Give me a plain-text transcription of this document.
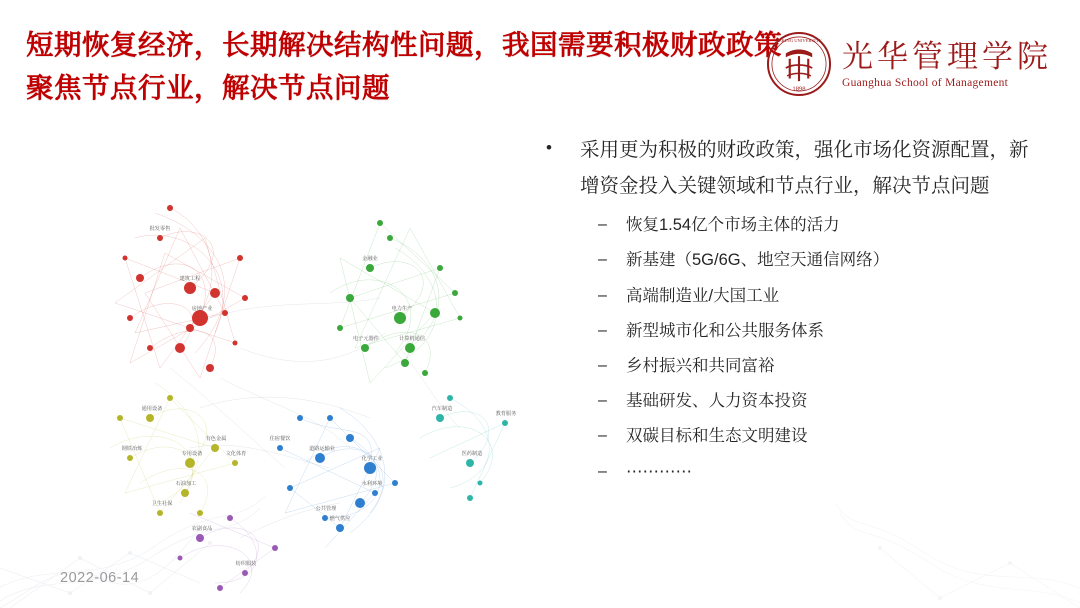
短期恢复经济，长期解决结构性问题，我国需要积极财政政策聚焦节点行业，解决节点问题	1898
PEKING UNIVERSITY 光华管理学院
Guanghua School of Management
建筑工程
房地产业
批发零售
金融业
电力生产
道路运输业
化学工业
通用设备
专用设备
汽车制造
农副食品
纺织服装
医药制造
计算机通信
电子元器件
钢铁冶炼
有色金属
石油加工
燃气供应
水利环境
住宿餐饮
教育服务
卫生社保
文化体育
公共管理
•	采用更为积极的财政政策，强化市场化资源配置，新增资金投入关键领域和节点行业，解决节点问题
–	恢复1.54亿个市场主体的活力
–	新基建（5G/6G、地空天通信网络）
–	高端制造业/大国工业
–	新型城市化和公共服务体系
–	乡村振兴和共同富裕
–	基础研发、人力资本投资
–	双碳目标和生态文明建设
–	⋯⋯⋯⋯
2022-06-14
